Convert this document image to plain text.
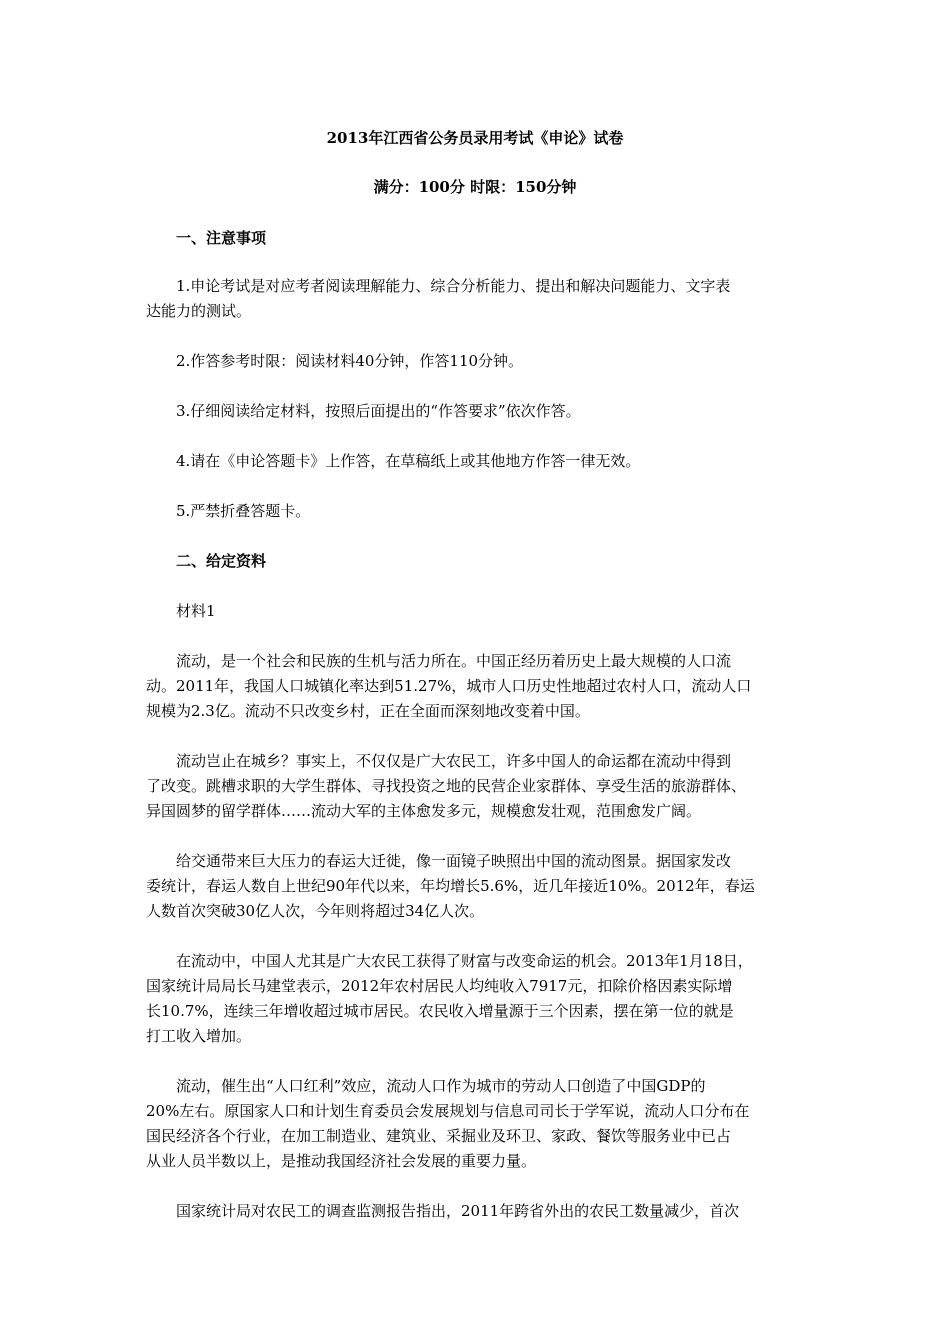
2013年江西省公务员录用考试《申论》试卷
满分：100分 时限：150分钟
一、注意事项
1.申论考试是对应考者阅读理解能力、综合分析能力、提出和解决问题能力、文字表
达能力的测试。
2.作答参考时限：阅读材料40分钟，作答110分钟。
3.仔细阅读给定材料，按照后面提出的“作答要求”依次作答。
4.请在《申论答题卡》上作答，在草稿纸上或其他地方作答一律无效。
5.严禁折叠答题卡。
二、给定资料
材料1
流动，是一个社会和民族的生机与活力所在。中国正经历着历史上最大规模的人口流
动。2011年，我国人口城镇化率达到51.27%，城市人口历史性地超过农村人口，流动人口
规模为2.3亿。流动不只改变乡村，正在全面而深刻地改变着中国。
流动岂止在城乡？事实上，不仅仅是广大农民工，许多中国人的命运都在流动中得到
了改变。跳槽求职的大学生群体、寻找投资之地的民营企业家群体、享受生活的旅游群体、
异国圆梦的留学群体……流动大军的主体愈发多元，规模愈发壮观，范围愈发广阔。
给交通带来巨大压力的春运大迁徙，像一面镜子映照出中国的流动图景。据国家发改
委统计，春运人数自上世纪90年代以来，年均增长5.6%，近几年接近10%。2012年，春运
人数首次突破30亿人次，今年则将超过34亿人次。
在流动中，中国人尤其是广大农民工获得了财富与改变命运的机会。2013年1月18日，
国家统计局局长马建堂表示，2012年农村居民人均纯收入7917元，扣除价格因素实际增
长10.7%，连续三年增收超过城市居民。农民收入增量源于三个因素，摆在第一位的就是
打工收入增加。
流动，催生出“人口红利”效应，流动人口作为城市的劳动人口创造了中国GDP的
20%左右。原国家人口和计划生育委员会发展规划与信息司司长于学军说，流动人口分布在
国民经济各个行业，在加工制造业、建筑业、采掘业及环卫、家政、餐饮等服务业中已占
从业人员半数以上，是推动我国经济社会发展的重要力量。
国家统计局对农民工的调查监测报告指出，2011年跨省外出的农民工数量减少，首次
